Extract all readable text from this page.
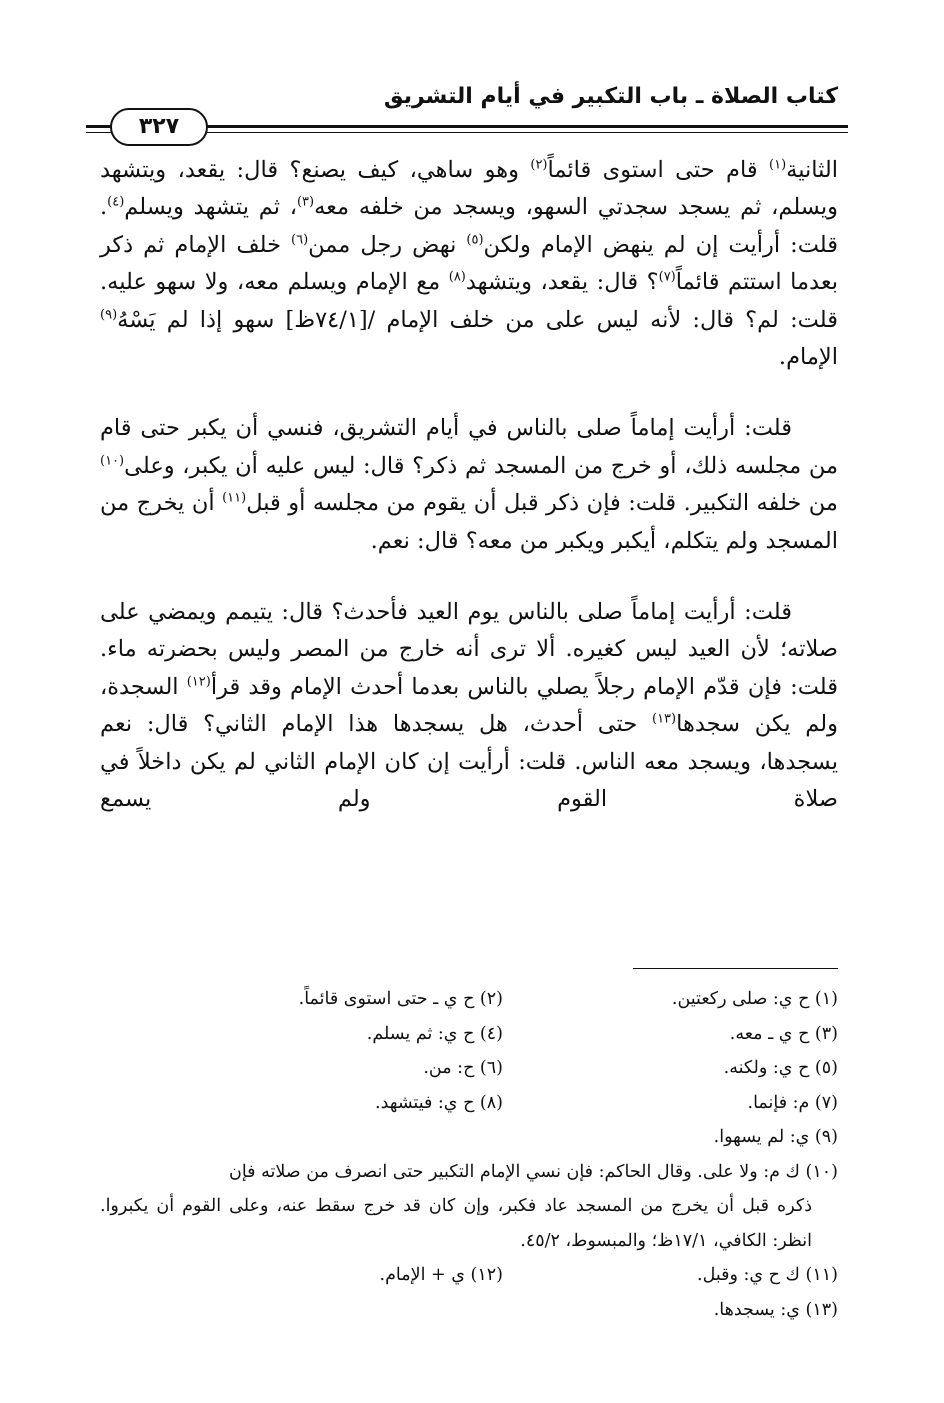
كتاب الصلاة ـ باب التكبير في أيام التشريق
٣٢٧

الثانية$^{(١)}$ قام حتى استوى قائماً$^{(٢)}$ وهو ساهي، كيف يصنع؟ قال: يقعد، ويتشهد ويسلم، ثم يسجد سجدتي السهو، ويسجد من خلفه معه$^{(٣)}$، ثم يتشهد ويسلم$^{(٤)}$. قلت: أرأيت إن لم ينهض الإمام ولكن$^{(٥)}$ نهض رجل ممن$^{(٦)}$ خلف الإمام ثم ذكر بعدما استتم قائماً$^{(٧)}$؟ قال: يقعد، ويتشهد$^{(٨)}$ مع الإمام ويسلم معه، ولا سهو عليه. قلت: لم؟ قال: لأنه ليس على من خلف الإمام /[٧٤/١ظ] سهو إذا لم يَسْهُ$^{(٩)}$ الإمام.

قلت: أرأيت إماماً صلى بالناس في أيام التشريق، فنسي أن يكبر حتى قام من مجلسه ذلك، أو خرج من المسجد ثم ذكر؟ قال: ليس عليه أن يكبر، وعلى$^{(١٠)}$ من خلفه التكبير. قلت: فإن ذكر قبل أن يقوم من مجلسه أو قبل$^{(١١)}$ أن يخرج من المسجد ولم يتكلم، أيكبر ويكبر من معه؟ قال: نعم.

قلت: أرأيت إماماً صلى بالناس يوم العيد فأحدث؟ قال: يتيمم ويمضي على صلاته؛ لأن العيد ليس كغيره. ألا ترى أنه خارج من المصر وليس بحضرته ماء. قلت: فإن قدّم الإمام رجلاً يصلي بالناس بعدما أحدث الإمام وقد قرأ$^{(١٢)}$ السجدة، ولم يكن سجدها$^{(١٣)}$ حتى أحدث، هل يسجدها هذا الإمام الثاني؟ قال: نعم يسجدها، ويسجد معه الناس. قلت: أرأيت إن كان الإمام الثاني لم يكن داخلاً في صلاة القوم ولم يسمع

(١) ح ي: صلى ركعتين.
(٢) ح ي ـ حتى استوى قائماً.
(٣) ح ي ـ معه.
(٤) ح ي: ثم يسلم.
(٥) ح ي: ولكنه.
(٦) ح: من.
(٧) م: فإنما.
(٨) ح ي: فيتشهد.
(٩) ي: لم يسهوا.

(١٠) ك م: ولا على. وقال الحاكم: فإن نسي الإمام التكبير حتى انصرف من صلاته فإن
ذكره قبل أن يخرج من المسجد عاد فكبر، وإن كان قد خرج سقط عنه، وعلى القوم أن يكبروا. انظر: الكافي، ١٧/١ظ؛ والمبسوط، ٤٥/٢.

(١١) ك ح ي: وقبل.
(١٢) ي + الإمام.
(١٣) ي: يسجدها.
